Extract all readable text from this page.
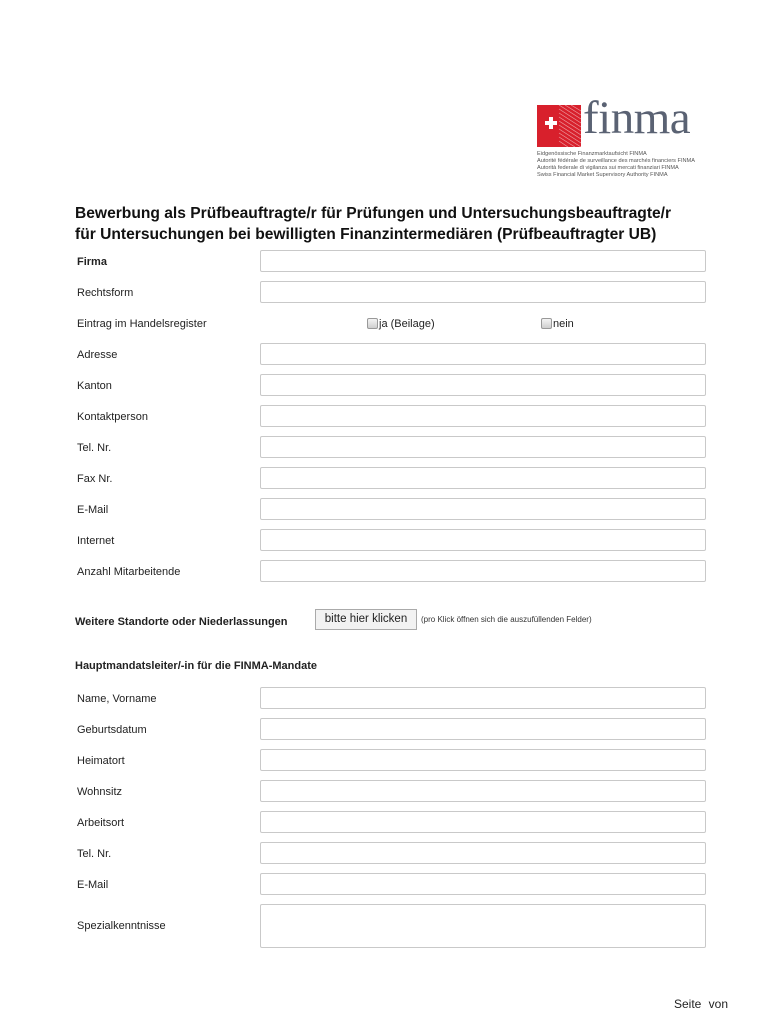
finma
Eidgenössische Finanzmarktaufsicht FINMA
Autorité fédérale de surveillance des marchés financiers FINMA
Autorità federale di vigilanza sui mercati finanziari FINMA
Swiss Financial Market Supervisory Authority FINMA
Bewerbung als Prüfbeauftragte/r für Prüfungen und Untersuchungsbeauftragte/r
für Untersuchungen bei bewilligten Finanzintermediären (Prüfbeauftragter UB)
Firma
Rechtsform
Eintrag im Handelsregister	ja (Beilage)	nein
Adresse
Kanton
Kontaktperson
Tel. Nr.
Fax Nr.
E-Mail
Internet
Anzahl Mitarbeitende
Weitere Standorte oder Niederlassungen	bitte hier klicken	(pro Klick öffnen sich die auszufüllenden Felder)
Hauptmandatsleiter/-in für die FINMA-Mandate
Name, Vorname
Geburtsdatum
Heimatort
Wohnsitz
Arbeitsort
Tel. Nr.
E-Mail
Spezialkenntnisse
Seite von
